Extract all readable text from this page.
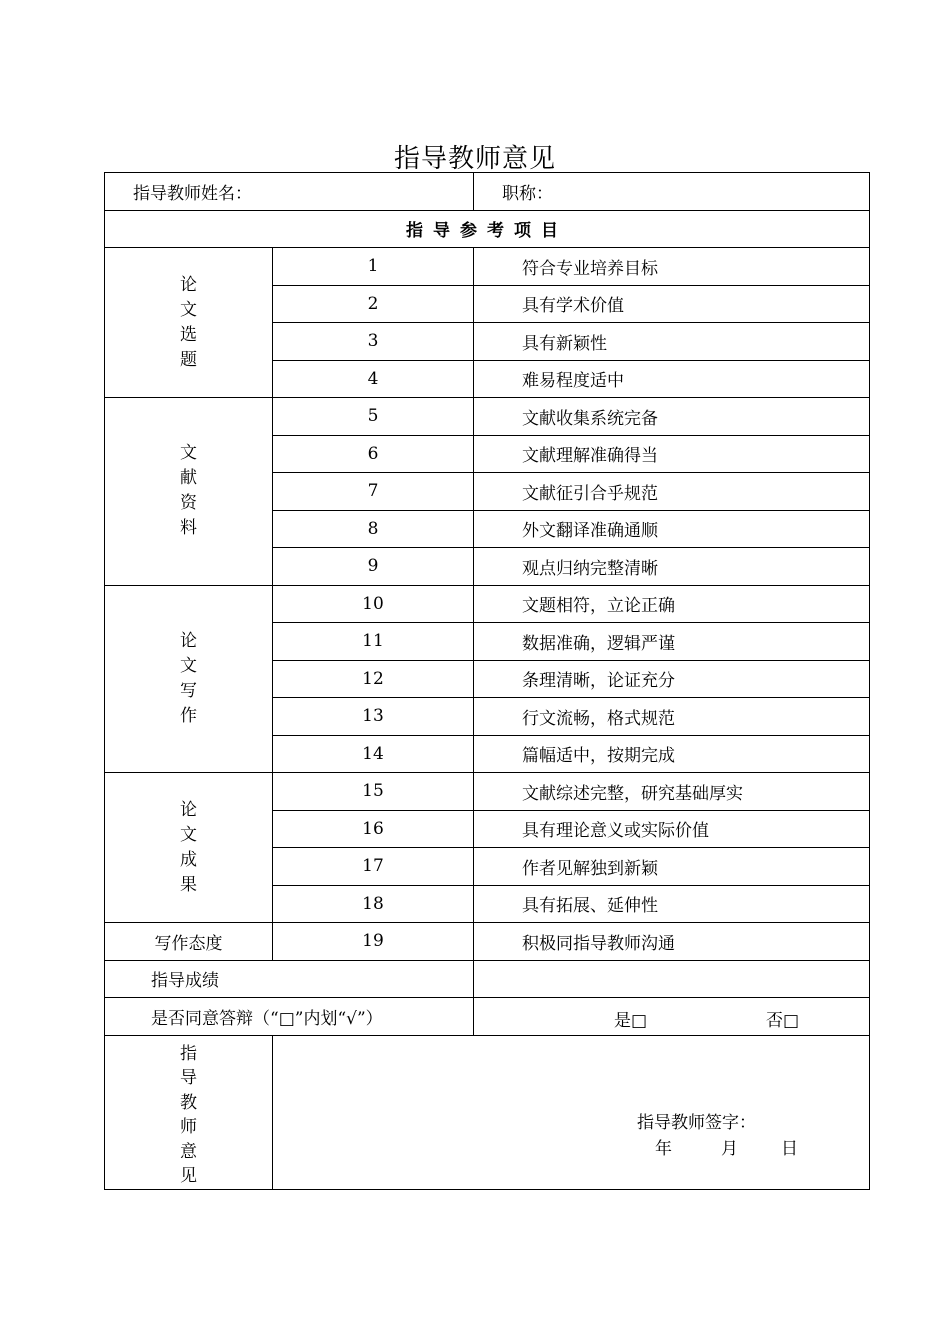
指导教师意见
指导教师姓名：		职称：
指导参考项目		
论文选题	1	符合专业培养目标
	2	具有学术价值
	3	具有新颖性
	4	难易程度适中
文献资料	5	文献收集系统完备
	6	文献理解准确得当
	7	文献征引合乎规范
	8	外文翻译准确通顺
	9	观点归纳完整清晰
论文写作	10	文题相符，立论正确
	11	数据准确，逻辑严谨
	12	条理清晰，论证充分
	13	行文流畅，格式规范
	14	篇幅适中，按期完成
论文成果	15	文献综述完整，研究基础厚实
	16	具有理论意义或实际价值
	17	作者见解独到新颖
	18	具有拓展、延伸性
写作态度	19	积极同指导教师沟通
指导成绩		
是否同意答辩（“□”内划“√”）		是□ 否□

指导教师意见	指导教师签字：
年 月 日	
